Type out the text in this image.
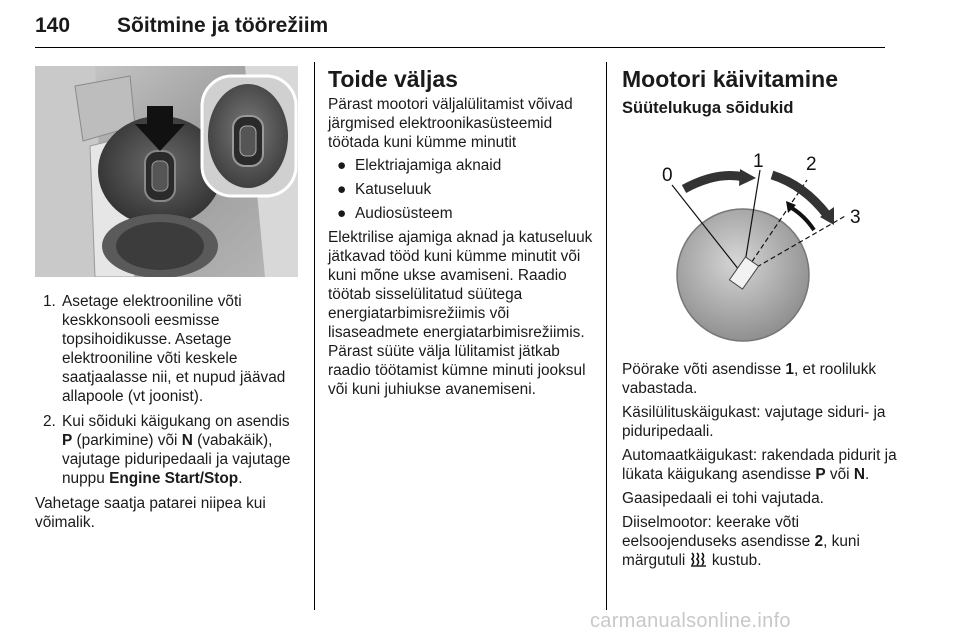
140 Sõitmine ja töörežiim
1. Asetage elektrooniline võti keskkonsooli eesmisse topsihoidikusse. Asetage elektrooniline võti keskele saatjaalasse nii, et nupud jäävad allapoole (vt joonist).
2. Kui sõiduki käigukang on asendis P (parkimine) või N (vabakäik), vajutage piduripedaali ja vajutage nuppu Engine Start/Stop.

Vahetage saatja patarei niipea kui võimalik.

Toide väljas

Pärast mootori väljalülitamist võivad järgmised elektroonikasüsteemid töötada kuni kümme minutit

● Elektriajamiga aknaid
● Katuseluuk
● Audiosüsteem

Elektrilise ajamiga aknad ja katuseluuk jätkavad tööd kuni kümme minutit või kuni mõne ukse avamiseni. Raadio töötab sisselülitatud süütega energiatarbimisrežiimis või lisaseadmete energiatarbimisrežiimis. Pärast süüte välja lülitamist jätkab raadio töötamist kümne minuti jooksul või kuni juhiukse avanemiseni.

Mootori käivitamine
Süütelukuga sõidukid
0
1 2
3

Pöörake võti asendisse 1, et roolilukk vabastada.

Käsilülituskäigukast: vajutage siduri- ja piduripedaali.

Automaatkäigukast: rakendada pidurit ja lükata käigukang asendisse P või N.

Gaasipedaali ei tohi vajutada.

Diiselmootor: keerake võti eelsoojenduseks asendisse 2, kuni märgutuli  kustub.

carmanualsonline.info
